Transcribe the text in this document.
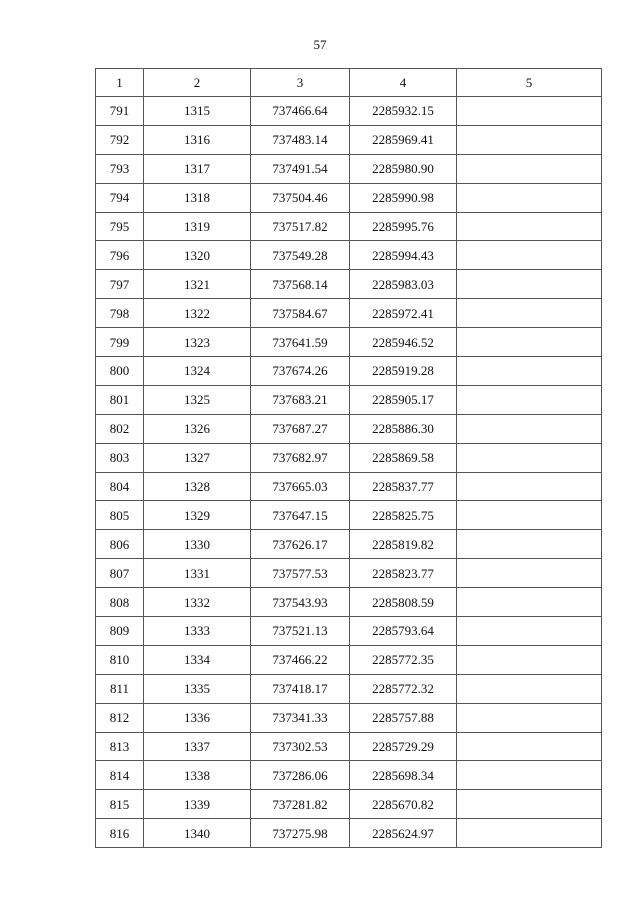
57
1	2	3	4	5
791	1315	737466.64	2285932.15	
792	1316	737483.14	2285969.41	
793	1317	737491.54	2285980.90	
794	1318	737504.46	2285990.98	
795	1319	737517.82	2285995.76	
796	1320	737549.28	2285994.43	
797	1321	737568.14	2285983.03	
798	1322	737584.67	2285972.41	
799	1323	737641.59	2285946.52	
800	1324	737674.26	2285919.28	
801	1325	737683.21	2285905.17	
802	1326	737687.27	2285886.30	
803	1327	737682.97	2285869.58	
804	1328	737665.03	2285837.77	
805	1329	737647.15	2285825.75	
806	1330	737626.17	2285819.82	
807	1331	737577.53	2285823.77	
808	1332	737543.93	2285808.59	
809	1333	737521.13	2285793.64	
810	1334	737466.22	2285772.35	
811	1335	737418.17	2285772.32	
812	1336	737341.33	2285757.88	
813	1337	737302.53	2285729.29	
814	1338	737286.06	2285698.34	
815	1339	737281.82	2285670.82	
816	1340	737275.98	2285624.97	
